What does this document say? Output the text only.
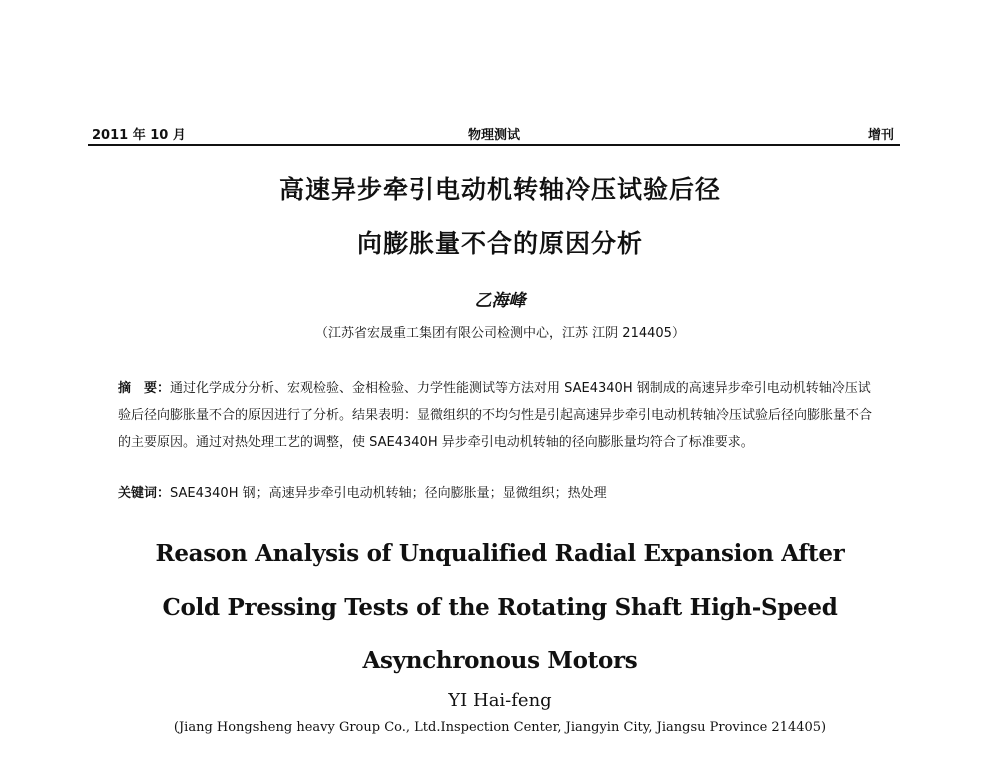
2011 年 10 月	物理测试	增刊
高速异步牵引电动机转轴冷压试验后径
向膨胀量不合的原因分析
乙海峰
（江苏省宏晟重工集团有限公司检测中心，江苏 江阴 214405）
摘　要：通过化学成分分析、宏观检验、金相检验、力学性能测试等方法对用 SAE4340H 钢制成的高速异步牵引电动机转轴冷压试验后径向膨胀量不合的原因进行了分析。结果表明：显微组织的不均匀性是引起高速异步牵引电动机转轴冷压试验后径向膨胀量不合的主要原因。通过对热处理工艺的调整，使 SAE4340H 异步牵引电动机转轴的径向膨胀量均符合了标准要求。
关键词：SAE4340H 钢；高速异步牵引电动机转轴；径向膨胀量；显微组织；热处理
Reason Analysis of Unqualified Radial Expansion After
Cold Pressing Tests of the Rotating Shaft High-Speed
Asynchronous Motors
YI Hai-feng
(Jiang Hongsheng heavy Group Co., Ltd.Inspection Center, Jiangyin City, Jiangsu Province 214405)
